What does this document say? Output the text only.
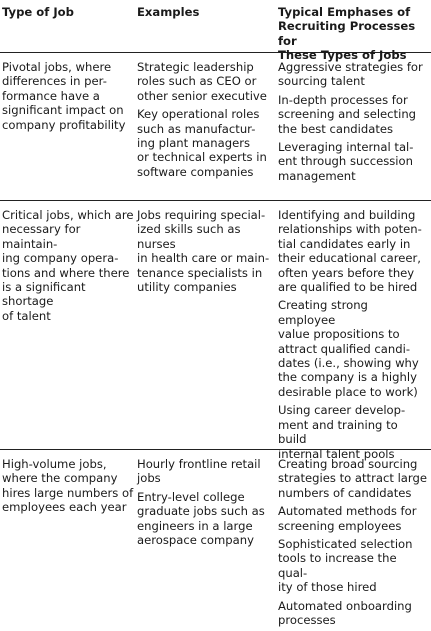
Type of Job	Examples	Typical Emphases of
Recruiting Processes for
These Types of Jobs
Pivotal jobs, where
differences in per-
formance have a
significant impact on
company profitability

Strategic leadership
roles such as CEO or
other senior executive

Key operational roles
such as manufactur-
ing plant managers
or technical experts in
software companies

Aggressive strategies for
sourcing talent

In-depth processes for
screening and selecting
the best candidates

Leveraging internal tal-
ent through succession
management

Critical jobs, which are
necessary for maintain-
ing company opera-
tions and where there
is a significant shortage
of talent

Jobs requiring special-
ized skills such as nurses
in health care or main-
tenance specialists in
utility companies

Identifying and building
relationships with poten-
tial candidates early in
their educational career,
often years before they
are qualified to be hired

Creating strong employee
value propositions to
attract qualified candi-
dates (i.e., showing why
the company is a highly
desirable place to work)

Using career develop-
ment and training to build
internal talent pools

High-volume jobs,
where the company
hires large numbers of
employees each year

Hourly frontline retail
jobs

Entry-level college
graduate jobs such as
engineers in a large
aerospace company

Creating broad sourcing
strategies to attract large
numbers of candidates

Automated methods for
screening employees

Sophisticated selection
tools to increase the qual-
ity of those hired

Automated onboarding
processes
